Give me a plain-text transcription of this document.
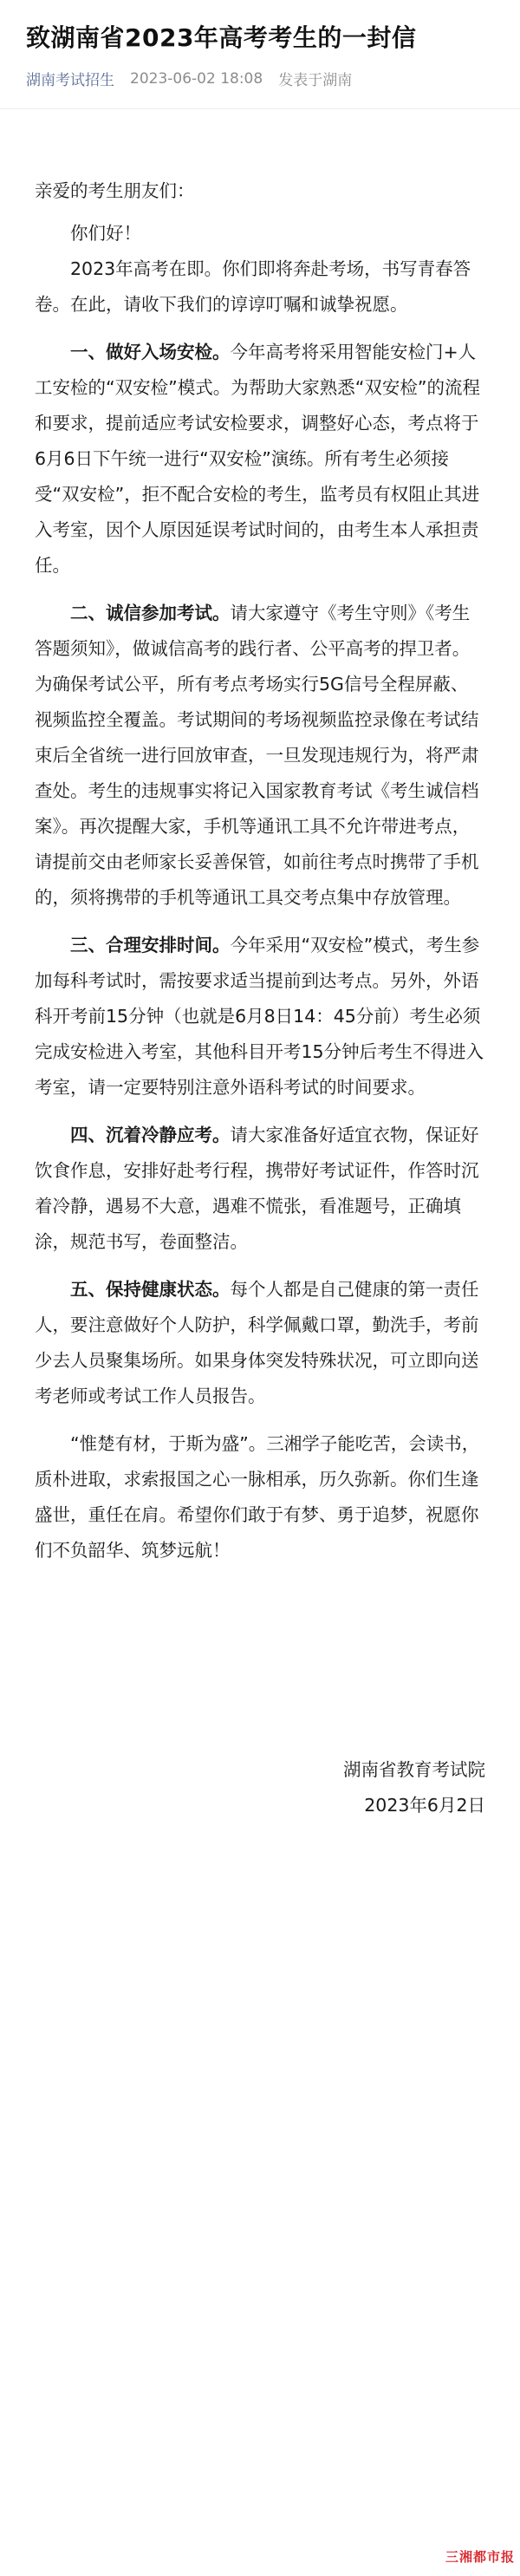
致湖南省2023年高考考生的一封信
湖南考试招生 2023-06-02 18:08 发表于湖南

亲爱的考生朋友们：

你们好！

2023年高考在即。你们即将奔赴考场，书写青春答卷。在此，请收下我们的谆谆叮嘱和诚挚祝愿。

一、做好入场安检。今年高考将采用智能安检门+人工安检的“双安检”模式。为帮助大家熟悉“双安检”的流程和要求，提前适应考试安检要求，调整好心态，考点将于6月6日下午统一进行“双安检”演练。所有考生必须接受“双安检”，拒不配合安检的考生，监考员有权阻止其进入考室，因个人原因延误考试时间的，由考生本人承担责任。

二、诚信参加考试。请大家遵守《考生守则》《考生答题须知》，做诚信高考的践行者、公平高考的捍卫者。为确保考试公平，所有考点考场实行5G信号全程屏蔽、视频监控全覆盖。考试期间的考场视频监控录像在考试结束后全省统一进行回放审查，一旦发现违规行为，将严肃查处。考生的违规事实将记入国家教育考试《考生诚信档案》。再次提醒大家，手机等通讯工具不允许带进考点，请提前交由老师家长妥善保管，如前往考点时携带了手机的，须将携带的手机等通讯工具交考点集中存放管理。

三、合理安排时间。今年采用“双安检”模式，考生参加每科考试时，需按要求适当提前到达考点。另外，外语科开考前15分钟（也就是6月8日14：45分前）考生必须完成安检进入考室，其他科目开考15分钟后考生不得进入考室，请一定要特别注意外语科考试的时间要求。

四、沉着冷静应考。请大家准备好适宜衣物，保证好饮食作息，安排好赴考行程，携带好考试证件，作答时沉着冷静，遇易不大意，遇难不慌张，看准题号，正确填涂，规范书写，卷面整洁。

五、保持健康状态。每个人都是自己健康的第一责任人，要注意做好个人防护，科学佩戴口罩，勤洗手，考前少去人员聚集场所。如果身体突发特殊状况，可立即向送考老师或考试工作人员报告。

“惟楚有材，于斯为盛”。三湘学子能吃苦，会读书，质朴进取，求索报国之心一脉相承，历久弥新。你们生逢盛世，重任在肩。希望你们敢于有梦、勇于追梦，祝愿你们不负韶华、筑梦远航！

湖南省教育考试院

2023年6月2日

三湘都市报
